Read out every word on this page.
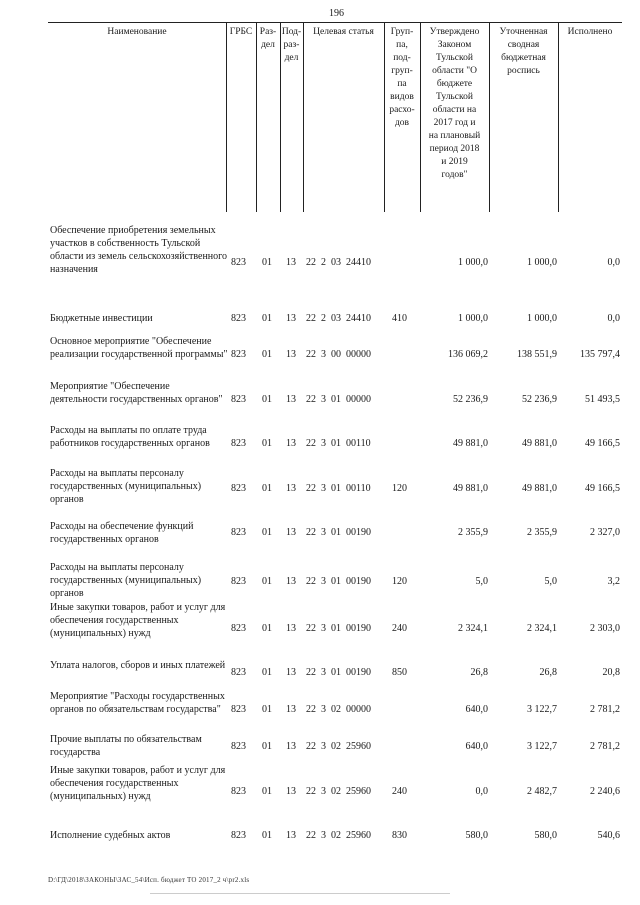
196
Наименование	ГРБС Раз-
дел
Под-
раз-
дел
Целевая статья	Груп-
па,
под-
груп-
па
видов
расхо-
дов
Утверждено
Законом
Тульской
области "О
бюджете
Тульской
области на
2017 год и
на плановый
период 2018
и 2019
годов"
Уточненная
сводная
бюджетная
роспись
Исполнено
Обеспечение приобретения земельных участков в собственность Тульской области из земель сельскохозяйственного назначения
823 01 13 22  2  03  24410	1 000,0	1 000,0	0,0
Бюджетные инвестиции	823 01 13 22  2  03  24410 410	1 000,0	1 000,0	0,0
Основное мероприятие "Обеспечение реализации государственной программы" 823 01 13 22  3  00  00000	136 069,2	138 551,9	135 797,4
Мероприятие "Обеспечение деятельности государственных органов" 823 01 13 22  3  01  00000	52 236,9	52 236,9	51 493,5
Расходы на выплаты по оплате труда работников государственных органов	823 01 13 22  3  01  00110	49 881,0	49 881,0	49 166,5
Расходы на выплаты персоналу государственных (муниципальных) органов
823 01 13 22  3  01  00110 120	49 881,0	49 881,0	49 166,5
Расходы на обеспечение функций государственных органов
823 01 13 22  3  01  00190	2 355,9	2 355,9	2 327,0
Расходы на выплаты персоналу государственных (муниципальных) органов
823 01 13 22  3  01  00190 120	5,0	5,0	3,2
Иные закупки товаров, работ и услуг для обеспечения государственных (муниципальных) нужд	823 01 13 22  3  01  00190 240	2 324,1	2 324,1	2 303,0
Уплата налогов, сборов и иных платежей
823 01 13 22  3  01  00190 850	26,8	26,8	20,8
Мероприятие "Расходы государственных органов по обязательствам государства"	823 01 13 22  3  02  00000	640,0	3 122,7	2 781,2
Прочие выплаты по обязательствам государства
823 01 13 22  3  02  25960	640,0	3 122,7	2 781,2
Иные закупки товаров, работ и услуг для обеспечения государственных (муниципальных) нужд	823 01 13 22  3  02  25960 240	0,0	2 482,7	2 240,6
Исполнение судебных актов	823 01 13 22  3  02  25960 830	580,0	580,0	540,6
D:\ГД\2018\ЗАКОНЫ\ЗАС_54\Исп. бюджет ТО 2017_2 ч\pr2.xls
